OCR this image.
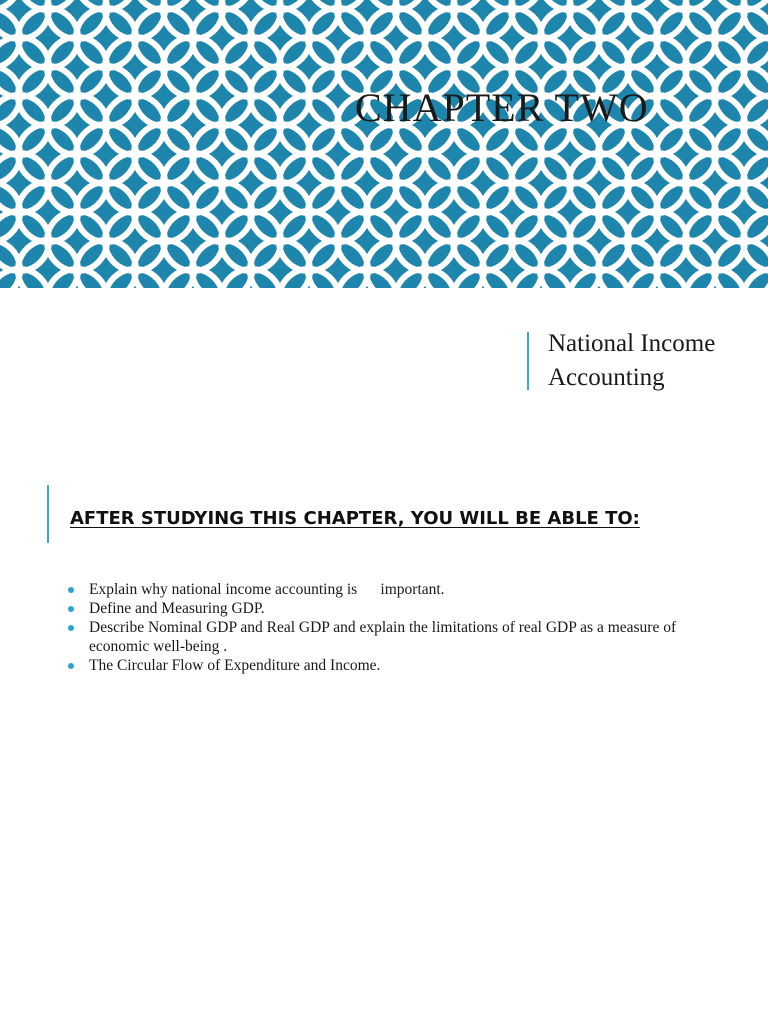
CHAPTER TWO
National Income Accounting
AFTER STUDYING THIS CHAPTER, YOU WILL BE ABLE TO:
Explain why national income accounting is      important.
Define and Measuring GDP.
Describe Nominal GDP and Real GDP and explain the limitations of real GDP as a measure of economic well-being .
The Circular Flow of Expenditure and Income.
